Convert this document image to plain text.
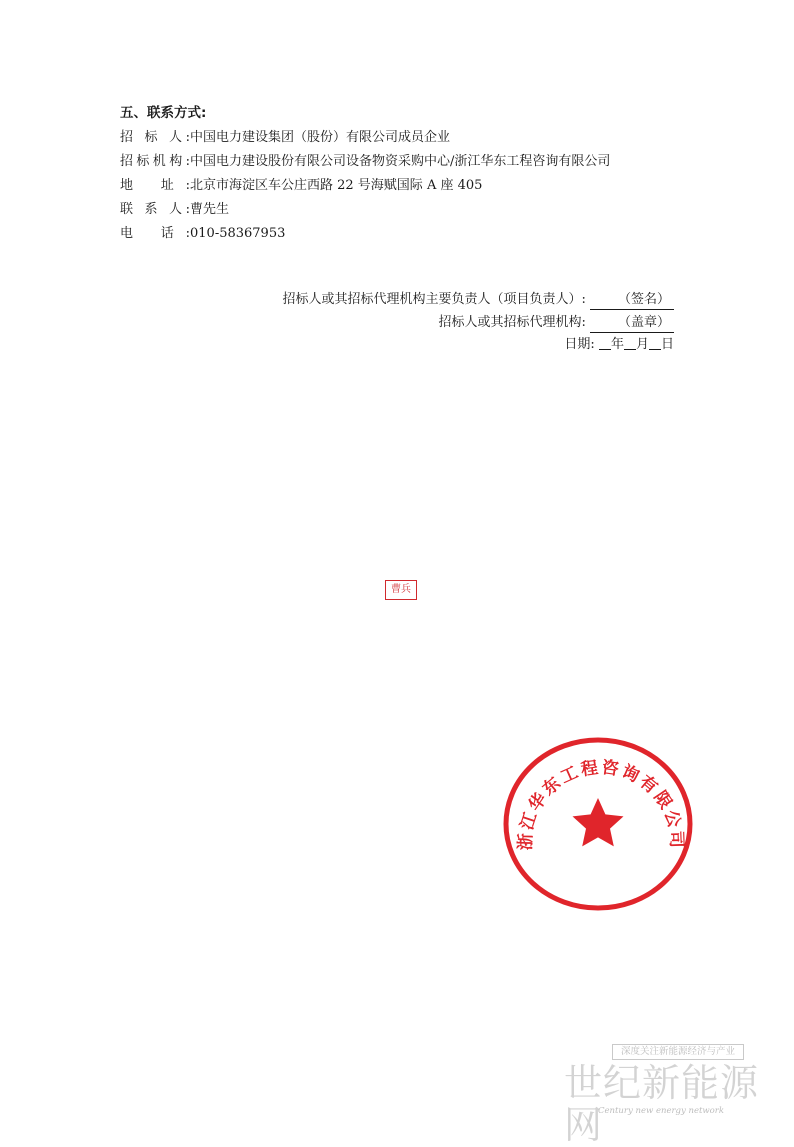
五、联系方式:
招 标 人:中国电力建设集团（股份）有限公司成员企业
招标机构:中国电力建设股份有限公司设备物资采购中心/浙江华东工程咨询有限公司
地 址:北京市海淀区车公庄西路 22 号海赋国际 A 座 405
联 系 人:曹先生
电 话:010-58367953
招标人或其招标代理机构主要负责人（项目负责人）: （签名）
招标人或其招标代理机构: （盖章）
日期: 年 月 日
曹兵
浙江华东工程咨询有限公司
深度关注新能源经济与产业
世纪新能源网
Century new energy network
